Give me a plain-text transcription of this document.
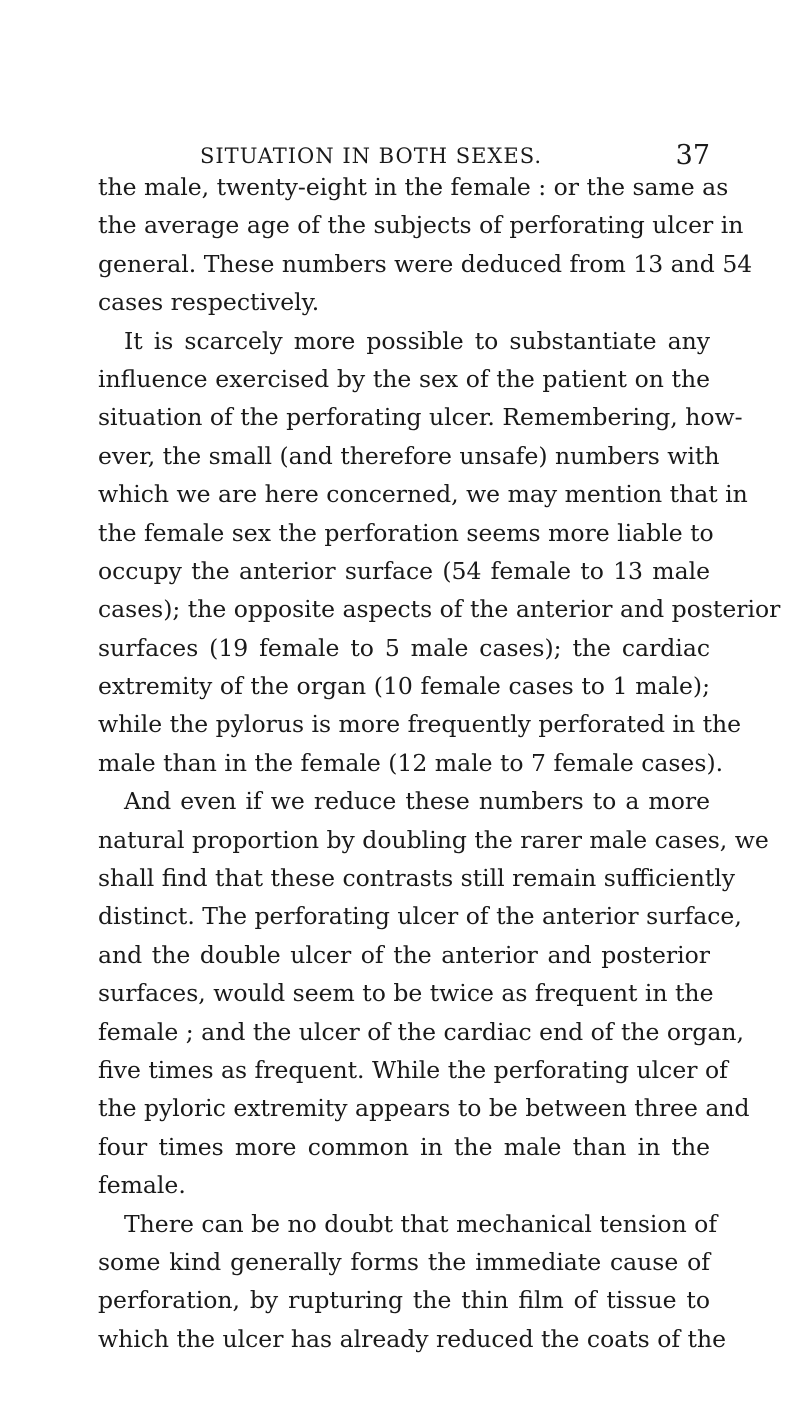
SITUATION IN BOTH SEXES.	37
the male, twenty-eight in the female : or the same as
the average age of the subjects of perforating ulcer in
general. These numbers were deduced from 13 and 54
cases respectively.
It is scarcely more possible to substantiate any
influence exercised by the sex of the patient on the
situation of the perforating ulcer. Remembering, how-
ever, the small (and therefore unsafe) numbers with
which we are here concerned, we may mention that in
the female sex the perforation seems more liable to
occupy the anterior surface (54 female to 13 male
cases); the opposite aspects of the anterior and posterior
surfaces (19 female to 5 male cases); the cardiac
extremity of the organ (10 female cases to 1 male);
while the pylorus is more frequently perforated in the
male than in the female (12 male to 7 female cases).
And even if we reduce these numbers to a more
natural proportion by doubling the rarer male cases, we
shall find that these contrasts still remain sufficiently
distinct. The perforating ulcer of the anterior surface,
and the double ulcer of the anterior and posterior
surfaces, would seem to be twice as frequent in the
female ; and the ulcer of the cardiac end of the organ,
five times as frequent. While the perforating ulcer of
the pyloric extremity appears to be between three and
four times more common in the male than in the
female.
There can be no doubt that mechanical tension of
some kind generally forms the immediate cause of
perforation, by rupturing the thin film of tissue to
which the ulcer has already reduced the coats of the
